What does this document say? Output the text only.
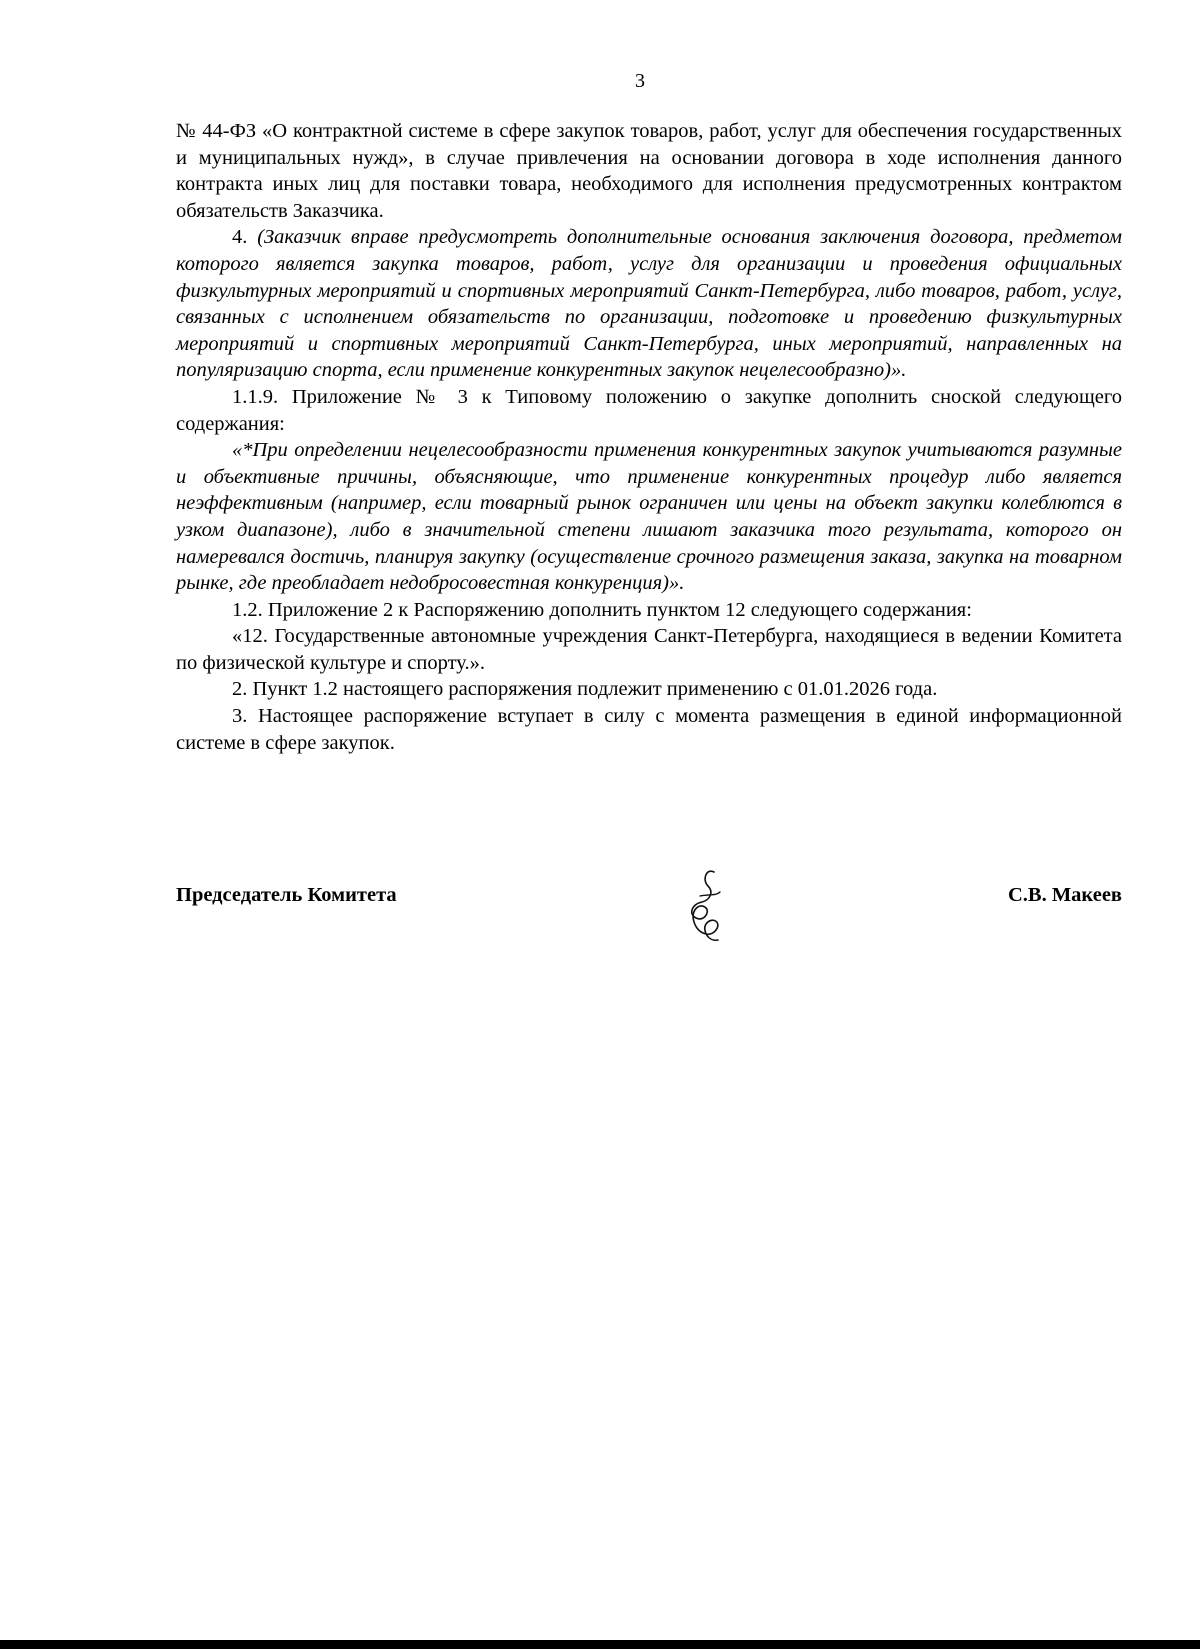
3

№ 44-ФЗ «О контрактной системе в сфере закупок товаров, работ, услуг для обеспечения государственных и муниципальных нужд», в случае привлечения на основании договора в ходе исполнения данного контракта иных лиц для поставки товара, необходимого для исполнения предусмотренных контрактом обязательств Заказчика.

4. (Заказчик вправе предусмотреть дополнительные основания заключения договора, предметом которого является закупка товаров, работ, услуг для организации и проведения официальных физкультурных мероприятий и спортивных мероприятий Санкт-Петербурга, либо товаров, работ, услуг, связанных с исполнением обязательств по организации, подготовке и проведению физкультурных мероприятий и спортивных мероприятий Санкт-Петербурга, иных мероприятий, направленных на популяризацию спорта, если применение конкурентных закупок нецелесообразно)».

1.1.9. Приложение № 3 к Типовому положению о закупке дополнить сноской следующего содержания:

«*При определении нецелесообразности применения конкурентных закупок учитываются разумные и объективные причины, объясняющие, что применение конкурентных процедур либо является неэффективным (например, если товарный рынок ограничен или цены на объект закупки колеблются в узком диапазоне), либо в значительной степени лишают заказчика того результата, которого он намеревался достичь, планируя закупку (осуществление срочного размещения заказа, закупка на товарном рынке, где преобладает недобросовестная конкуренция)».

1.2. Приложение 2 к Распоряжению дополнить пунктом 12 следующего содержания:

«12. Государственные автономные учреждения Санкт-Петербурга, находящиеся в ведении Комитета по физической культуре и спорту.».

2. Пункт 1.2 настоящего распоряжения подлежит применению с 01.01.2026 года.

3. Настоящее распоряжение вступает в силу с момента размещения в единой информационной системе в сфере закупок.

Председатель Комитета	С.В. Макеев
